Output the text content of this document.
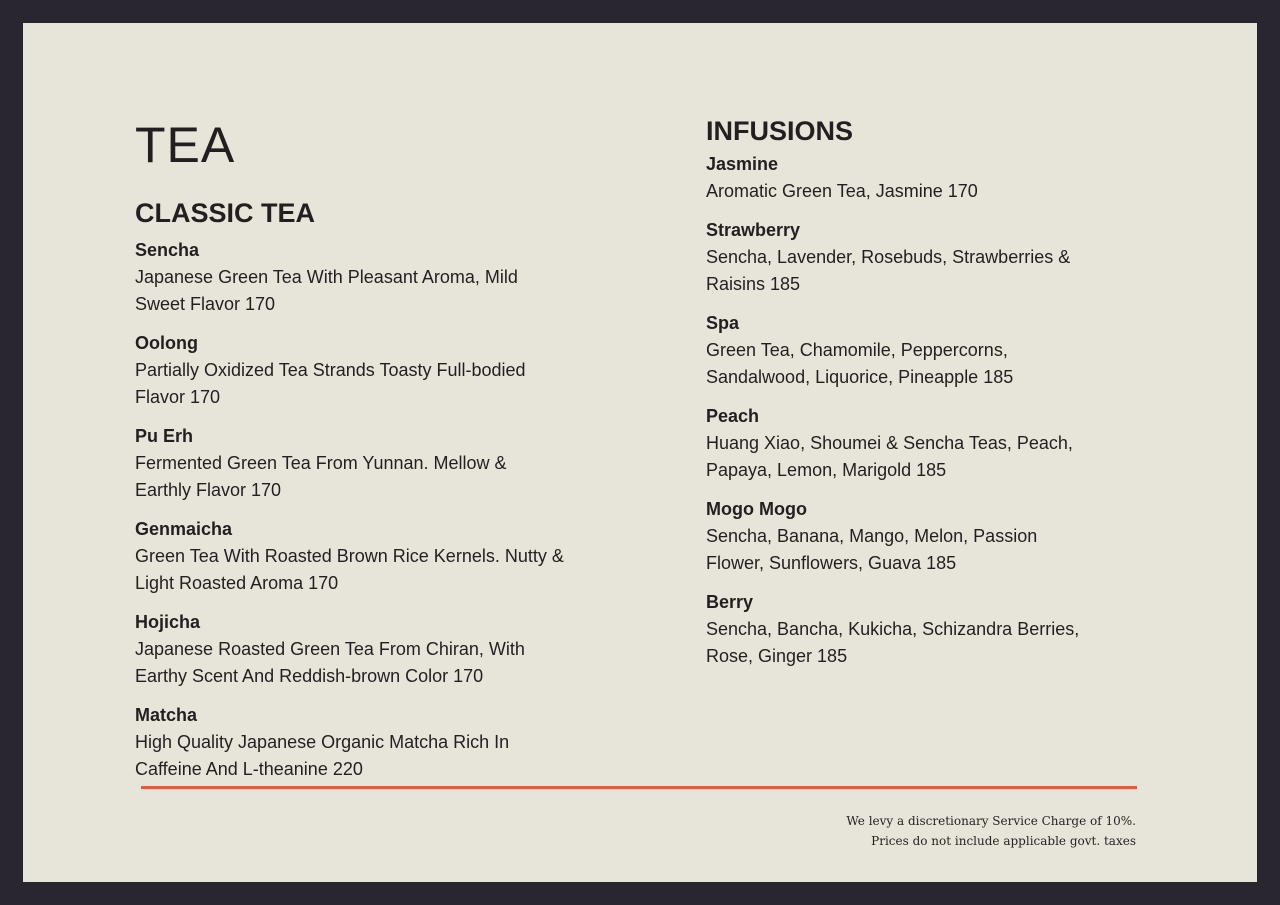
TEA
CLASSIC TEA
Sencha
Japanese Green Tea With Pleasant Aroma, Mild Sweet Flavor 170
Oolong
Partially Oxidized Tea Strands Toasty Full-bodied Flavor 170
Pu Erh
Fermented Green Tea From Yunnan. Mellow & Earthly Flavor 170
Genmaicha
Green Tea With Roasted Brown Rice Kernels. Nutty & Light Roasted Aroma 170
Hojicha
Japanese Roasted Green Tea From Chiran, With Earthy Scent And Reddish-brown Color 170
Matcha
High Quality Japanese Organic Matcha Rich In Caffeine And L-theanine 220
INFUSIONS
Jasmine
Aromatic Green Tea, Jasmine 170
Strawberry
Sencha, Lavender, Rosebuds, Strawberries & Raisins 185
Spa
Green Tea, Chamomile, Peppercorns, Sandalwood, Liquorice, Pineapple 185
Peach
Huang Xiao, Shoumei & Sencha Teas, Peach, Papaya, Lemon, Marigold 185
Mogo Mogo
Sencha, Banana, Mango, Melon, Passion Flower, Sunflowers, Guava 185
Berry
Sencha, Bancha, Kukicha, Schizandra Berries, Rose, Ginger 185
We levy a discretionary Service Charge of 10%.
Prices do not include applicable govt. taxes
